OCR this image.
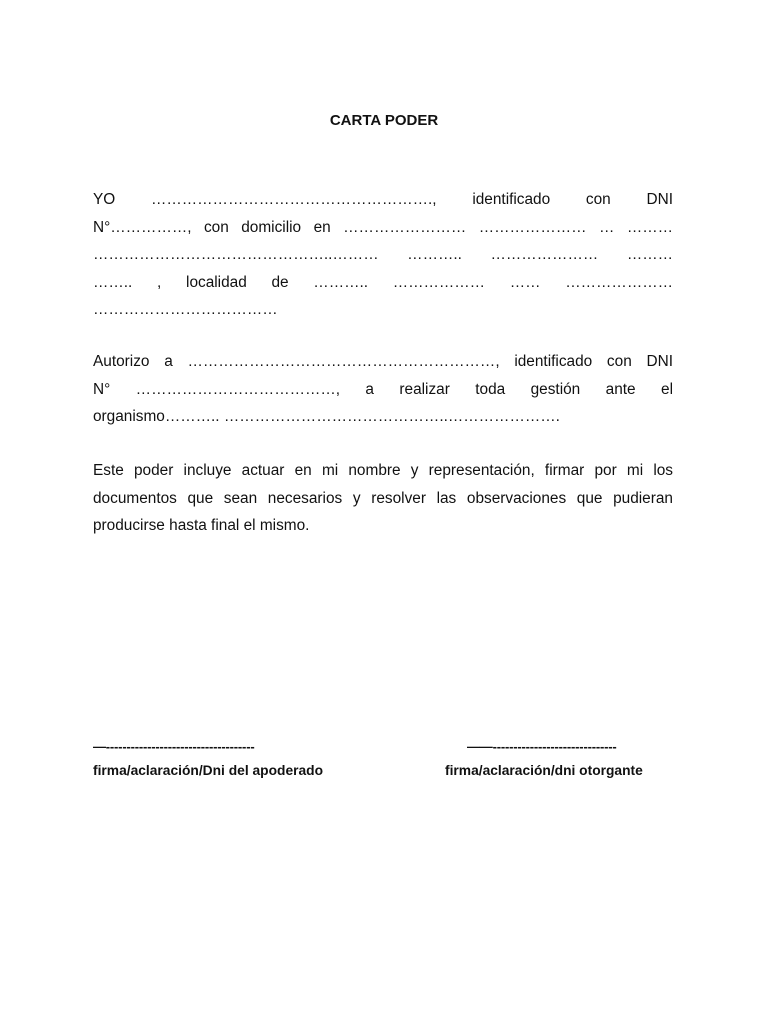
CARTA PODER
YO ………………………………………………., identificado con DNI
N°……………, con domicilio en …………………… ………………… … ………
………………………………………..……… ……….. ………………… ………
…….. , localidad de ……….. ……………… …… …………………
………………………………
Autorizo a ……………………………………………………, identificado con DNI
N° …………………………………, a realizar toda gestión ante el
organismo……….. ……………………………………..………………….
Este poder incluye actuar en mi nombre y representación, firmar por mi los
documentos que sean necesarios y resolver las observaciones que pudieran
producirse hasta final el mismo.
—------------------------------------
firma/aclaración/Dni del apoderado
——------------------------------
firma/aclaración/dni otorgante
